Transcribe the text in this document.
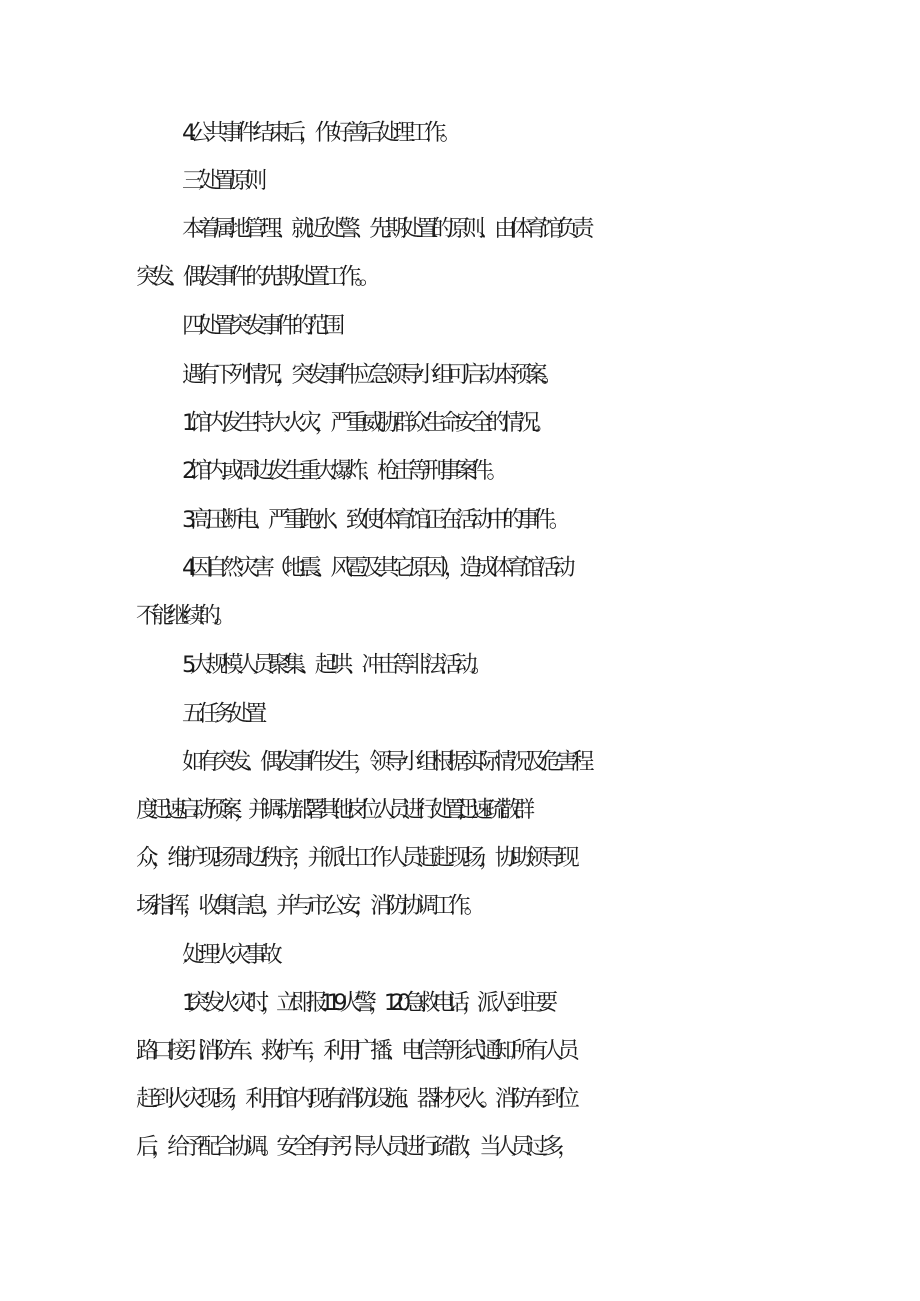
4 .公共事件结束后，作好善后处理工作。
三 .处置原则
本着属地管理、就近处警、先期处置的原则、由体育馆负责
突发、偶发事件的先期处置工作。。
四 .处置突发事件的范围
遇有下列情况，突发事件应急领导小组可启动本预案。
1 .馆内发生特大火灾，严重威胁群众生命安全的情况。
2 .馆内或周边发生重大爆炸、枪击等刑事案件。
3 .高压断电、严重跑水、致使体育馆正在活动中的事件。
4 .因自然灾害（地震、风雹及其它原因），造成体育馆活动
不能继续的。
5 .大规模人员聚集、起哄、冲击等非法活动。
五 .任务处置
如有突发、偶发事件发生，领导小组根据实际情况及危害程
度迅速启动预案，并调动部署其他岗位人员进行处置,迅速疏散群
众，维护现场周边秩序，并派出工作人员赶赴现场，协助领导现
场指挥，收集信息，并与市公安，消防协调工作。
.处理火灾事故
1.突发火灾时，立即报119火警，120急救电话，派人到主要
路口接引消防车、救护车，利用广播、电信等形式通知所有人员
赶到火灾现场，利用馆内现有消防设施、器材灭火。消防车到位
后，给予配合协调。安全有序引导人员进行疏散，当人员过多，
